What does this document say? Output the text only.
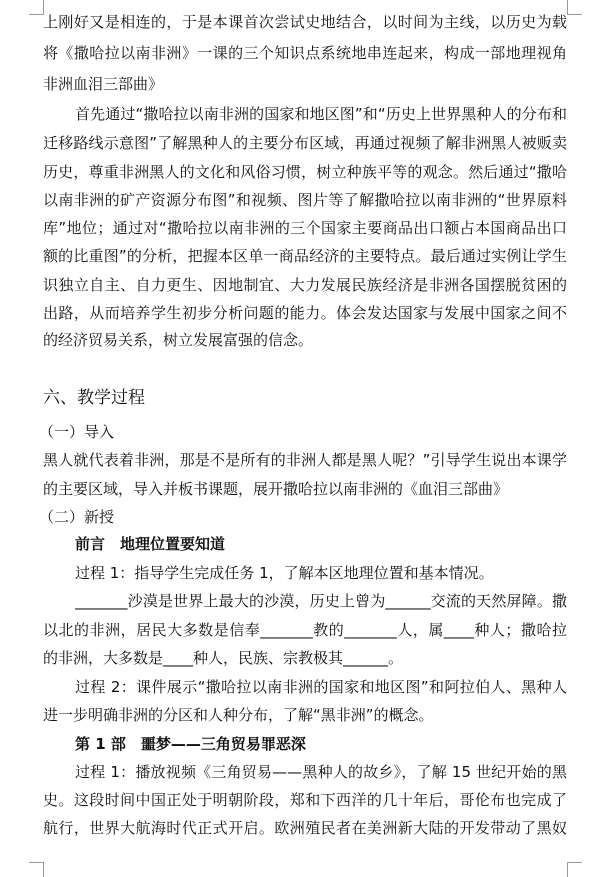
上刚好又是相连的，于是本课首次尝试史地结合，以时间为主线，以历史为载
将《撒哈拉以南非洲》一课的三个知识点系统地串连起来，构成一部地理视角
非洲血泪三部曲》
首先通过“撒哈拉以南非洲的国家和地区图”和“历史上世界黑种人的分布和
迁移路线示意图”了解黑种人的主要分布区域，再通过视频了解非洲黑人被贩卖
历史，尊重非洲黑人的文化和风俗习惯，树立种族平等的观念。然后通过“撒哈
以南非洲的矿产资源分布图”和视频、图片等了解撒哈拉以南非洲的“世界原料
库”地位；通过对“撒哈拉以南非洲的三个国家主要商品出口额占本国商品出口
额的比重图”的分析，把握本区单一商品经济的主要特点。最后通过实例让学生
识独立自主、自力更生、因地制宜、大力发展民族经济是非洲各国摆脱贫困的
出路，从而培养学生初步分析问题的能力。体会发达国家与发展中国家之间不
的经济贸易关系，树立发展富强的信念。
六、教学过程
（一）导入
黑人就代表着非洲，那是不是所有的非洲人都是黑人呢？”引导学生说出本课学
的主要区域，导入并板书课题，展开撒哈拉以南非洲的《血泪三部曲》
（二）新授
前言　地理位置要知道
过程 1：指导学生完成任务 1，了解本区地理位置和基本情况。
_______沙漠是世界上最大的沙漠，历史上曾为______交流的天然屏障。撒
以北的非洲，居民大多数是信奉_______教的_______人，属____种人；撒哈拉
的非洲，大多数是____种人，民族、宗教极其______。
过程 2：课件展示“撒哈拉以南非洲的国家和地区图”和阿拉伯人、黑种人
进一步明确非洲的分区和人种分布，了解“黑非洲”的概念。
第 1 部　噩梦——三角贸易罪恶深
过程 1：播放视频《三角贸易——黑种人的故乡》，了解 15 世纪开始的黑
史。这段时间中国正处于明朝阶段，郑和下西洋的几十年后，哥伦布也完成了
航行，世界大航海时代正式开启。欧洲殖民者在美洲新大陆的开发带动了黑奴
